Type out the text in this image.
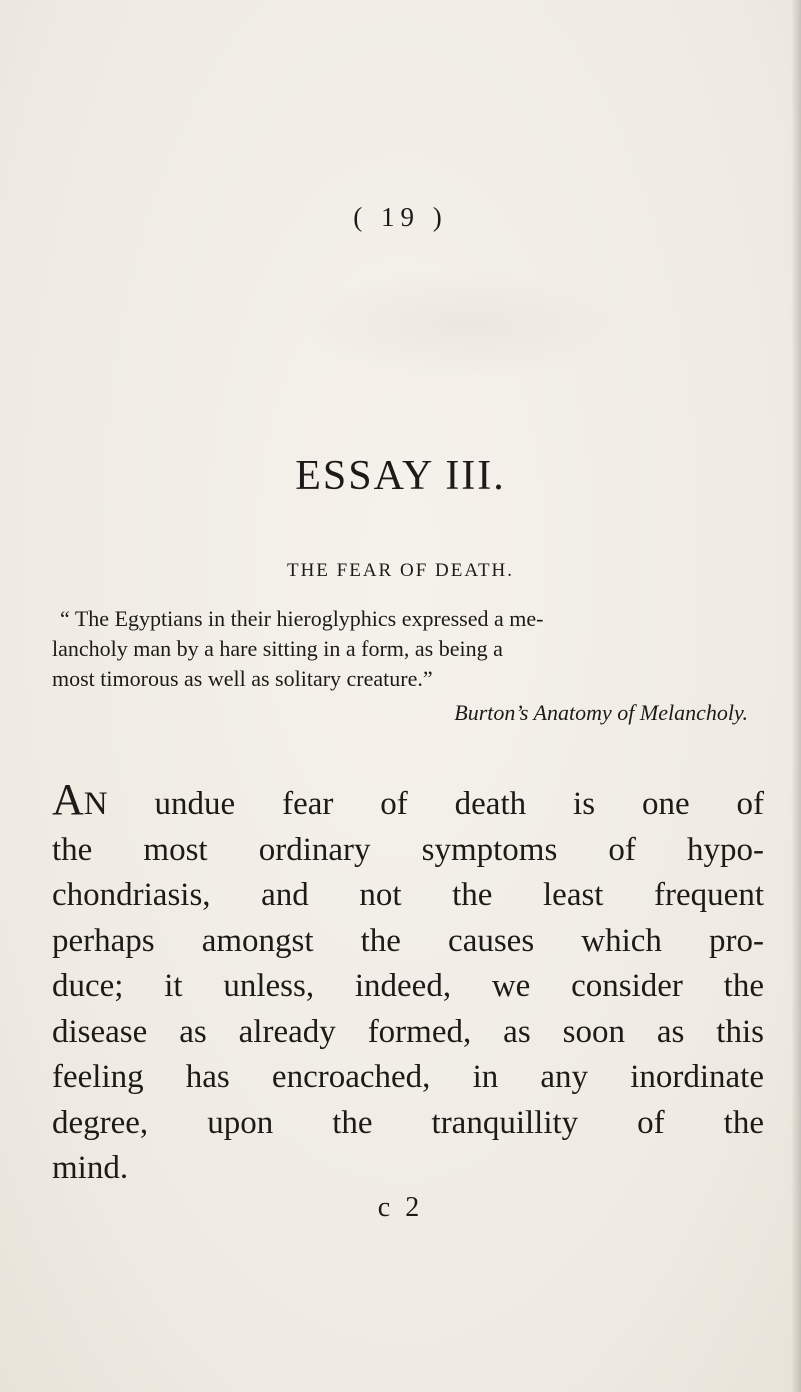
( 19 )
ESSAY III.
THE FEAR OF DEATH.
“ The Egyptians in their hieroglyphics expressed a me-
lancholy man by a hare sitting in a form, as being a
most timorous as well as solitary creature.”
Burton’s Anatomy of Melancholy.
AN undue fear of death is one of
the most ordinary symptoms of hypo-
chondriasis, and not the least frequent
perhaps amongst the causes which pro-
duce; it unless, indeed, we consider the
disease as already formed, as soon as this
feeling has encroached, in any inordinate
degree, upon the tranquillity of the
mind.
c 2
